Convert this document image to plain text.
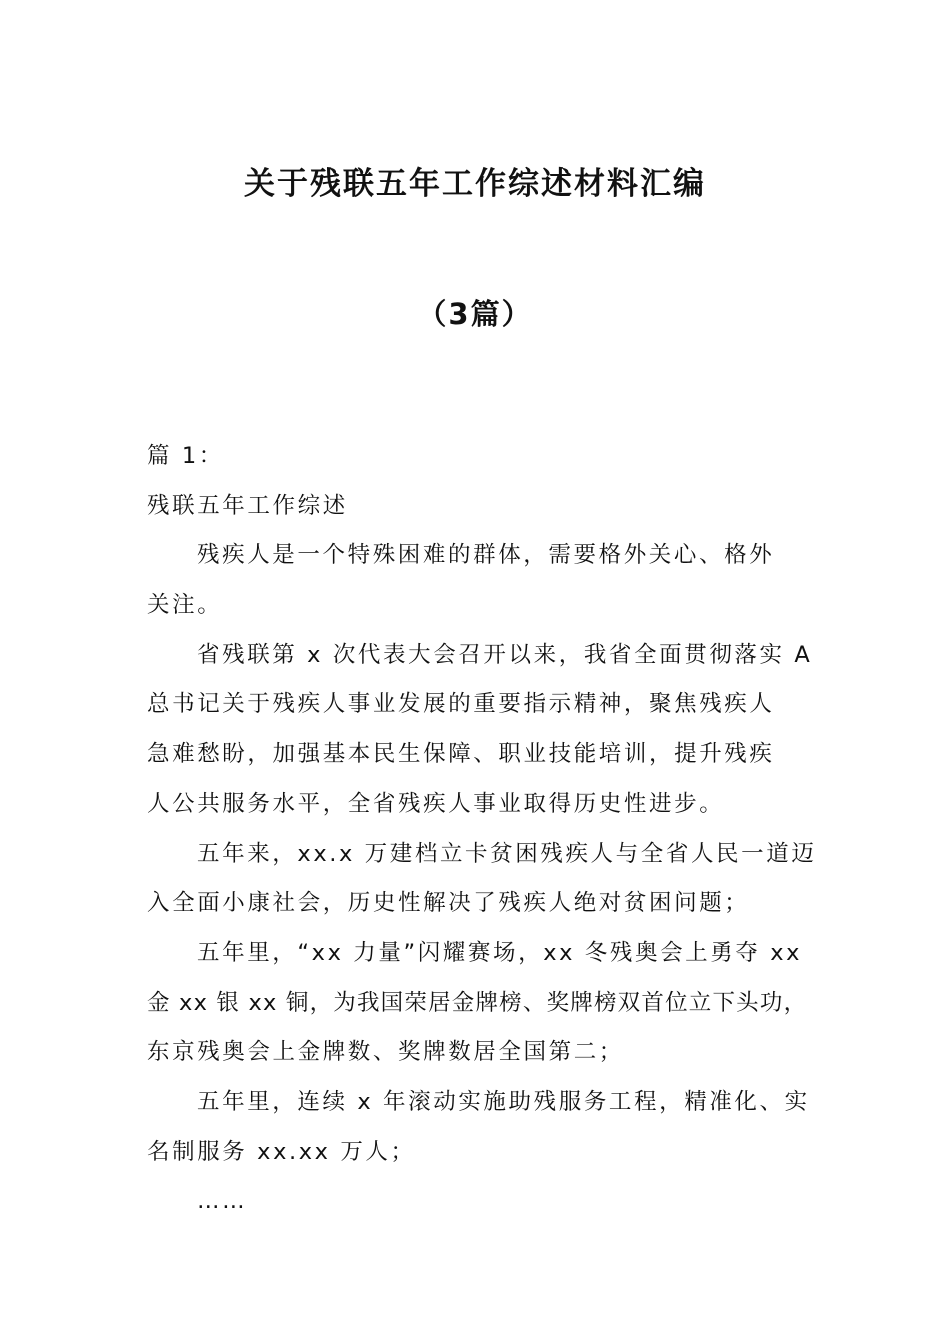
关于残联五年工作综述材料汇编
（3篇）
篇 1：
残联五年工作综述
残疾人是一个特殊困难的群体，需要格外关心、格外
关注。
省残联第 x 次代表大会召开以来，我省全面贯彻落实 A
总书记关于残疾人事业发展的重要指示精神，聚焦残疾人
急难愁盼，加强基本民生保障、职业技能培训，提升残疾
人公共服务水平，全省残疾人事业取得历史性进步。
五年来，xx.x 万建档立卡贫困残疾人与全省人民一道迈
入全面小康社会，历史性解决了残疾人绝对贫困问题；
五年里，“xx 力量”闪耀赛场，xx 冬残奥会上勇夺 xx
金 xx 银 xx 铜，为我国荣居金牌榜、奖牌榜双首位立下头功，
东京残奥会上金牌数、奖牌数居全国第二；
五年里，连续 x 年滚动实施助残服务工程，精准化、实
名制服务 xx.xx 万人；
……
